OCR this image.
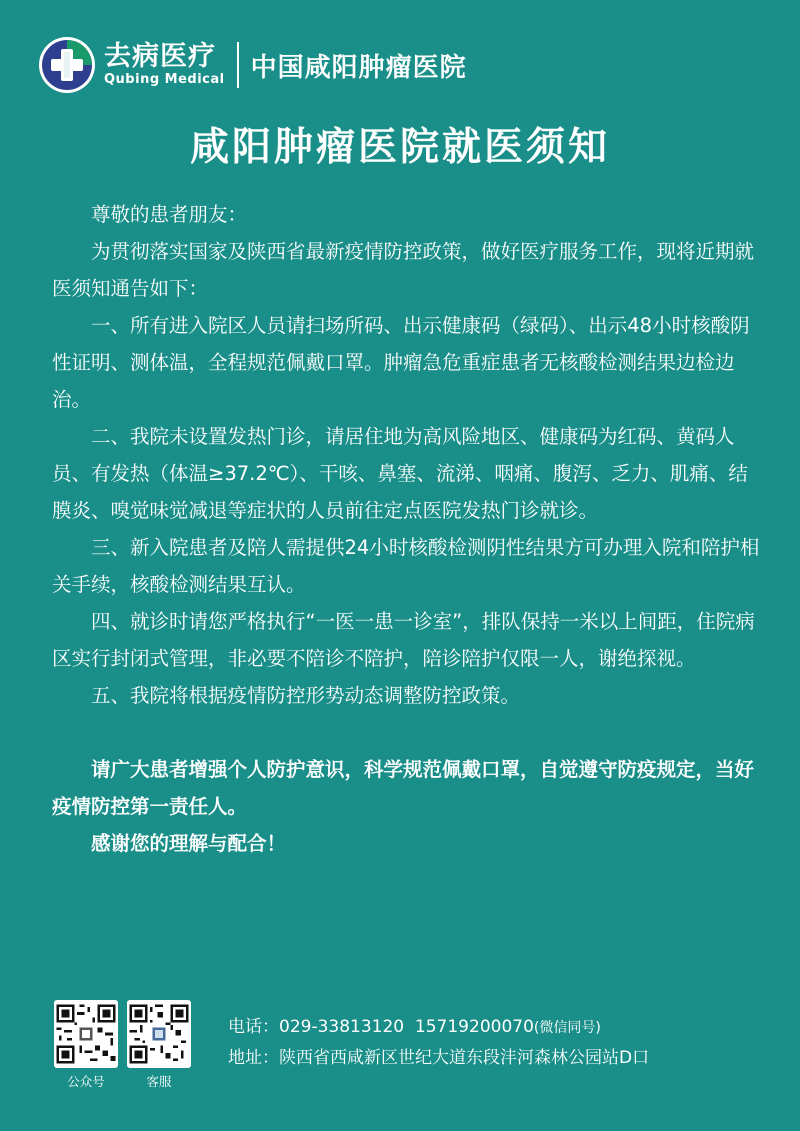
去病医疗
Qubing Medical 中国咸阳肿瘤医院
咸阳肿瘤医院就医须知

尊敬的患者朋友：

为贯彻落实国家及陕西省最新疫情防控政策，做好医疗服务工作，现将近期就医须知通告如下：

一、所有进入院区人员请扫场所码、出示健康码（绿码）、出示48小时核酸阴性证明、测体温，全程规范佩戴口罩。肿瘤急危重症患者无核酸检测结果边检边治。

二、我院未设置发热门诊，请居住地为高风险地区、健康码为红码、黄码人员、有发热（体温≥37.2℃）、干咳、鼻塞、流涕、咽痛、腹泻、乏力、肌痛、结膜炎、嗅觉味觉减退等症状的人员前往定点医院发热门诊就诊。

三、新入院患者及陪人需提供24小时核酸检测阴性结果方可办理入院和陪护相关手续，核酸检测结果互认。

四、就诊时请您严格执行“一医一患一诊室”，排队保持一米以上间距，住院病区实行封闭式管理，非必要不陪诊不陪护，陪诊陪护仅限一人，谢绝探视。

五、我院将根据疫情防控形势动态调整防控政策。

请广大患者增强个人防护意识，科学规范佩戴口罩，自觉遵守防疫规定，当好疫情防控第一责任人。

感谢您的理解与配合！

公众号	客服
电话：029-33813120  15719200070(微信同号)
地址：陕西省西咸新区世纪大道东段沣河森林公园站D口
